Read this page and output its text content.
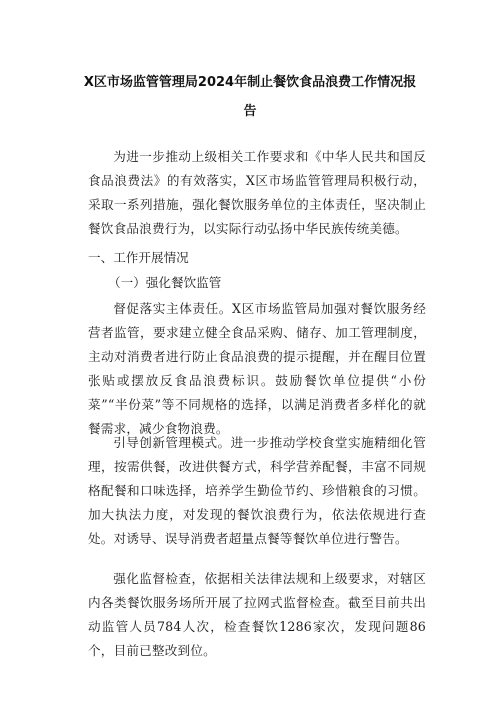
X区市场监管管理局2024年制止餐饮食品浪费工作情况报
告

为进一步推动上级相关工作要求和《中华人民共和国反食品浪费法》的有效落实，X区市场监管管理局积极行动，采取一系列措施，强化餐饮服务单位的主体责任，坚决制止餐饮食品浪费行为，以实际行动弘扬中华民族传统美德。

一、工作开展情况
（一）强化餐饮监管

督促落实主体责任。X区市场监管局加强对餐饮服务经营者监管，要求建立健全食品采购、储存、加工管理制度，主动对消费者进行防止食品浪费的提示提醒，并在醒目位置张贴或摆放反食品浪费标识。鼓励餐饮单位提供“小份菜”“半份菜”等不同规格的选择，以满足消费者多样化的就餐需求，减少食物浪费。

引导创新管理模式。进一步推动学校食堂实施精细化管理，按需供餐，改进供餐方式，科学营养配餐，丰富不同规格配餐和口味选择，培养学生勤俭节约、珍惜粮食的习惯。加大执法力度，对发现的餐饮浪费行为，依法依规进行查处。对诱导、误导消费者超量点餐等餐饮单位进行警告。

强化监督检查，依据相关法律法规和上级要求，对辖区内各类餐饮服务场所开展了拉网式监督检查。截至目前共出动监管人员784人次，检查餐饮1286家次，发现问题86个，目前已整改到位。
